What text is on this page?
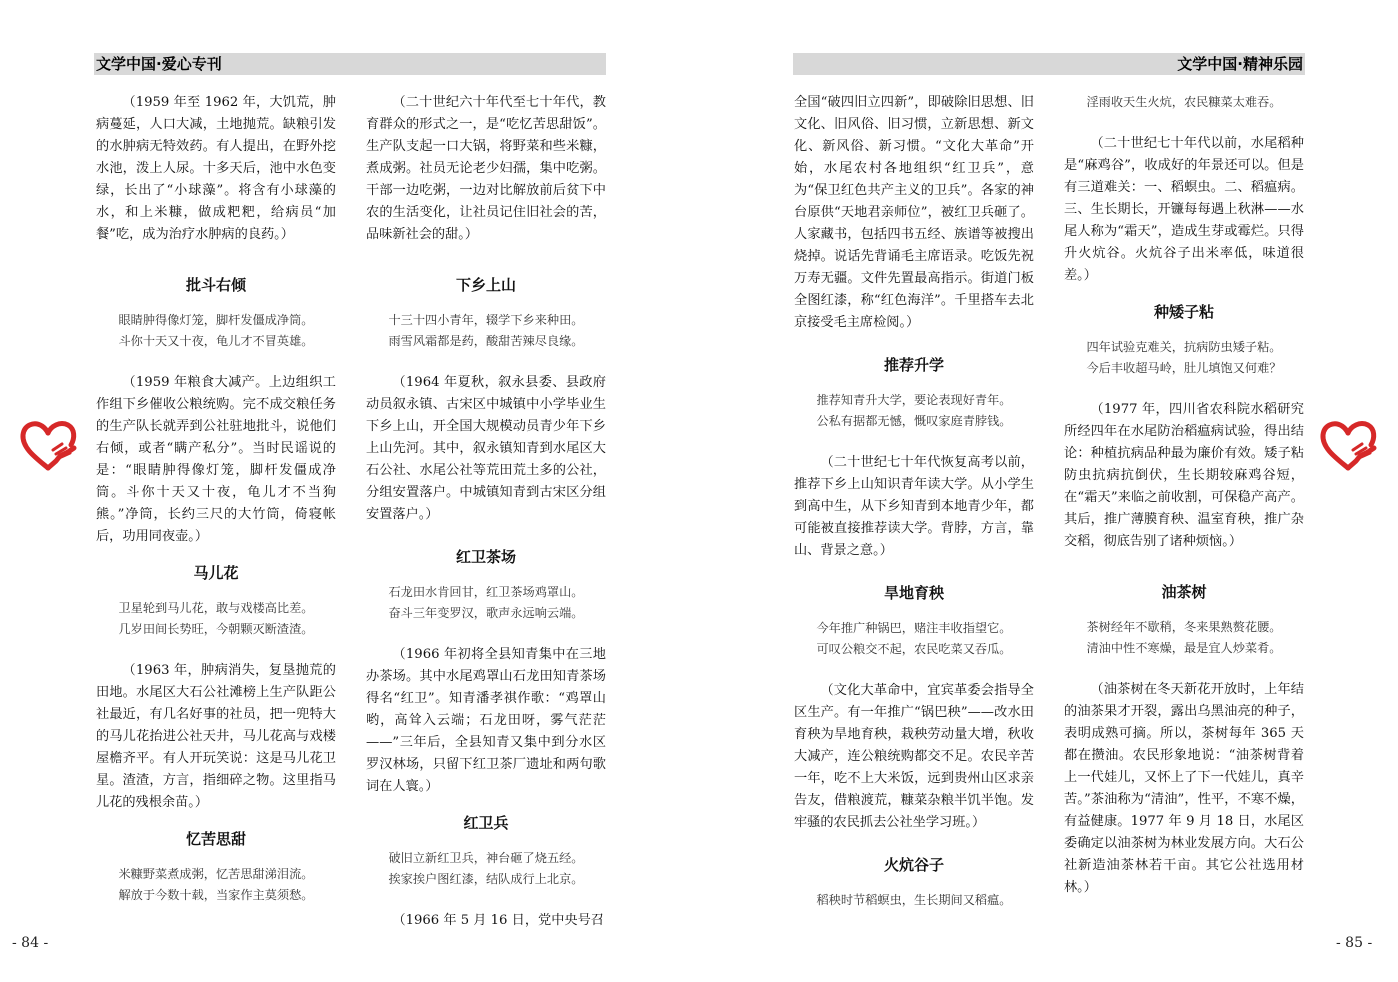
文学中国·爱心专刊	文学中国·精神乐园

（1959 年至 1962 年，大饥荒，肿病蔓延，人口大减，土地抛荒。缺粮引发的水肿病无特效药。有人提出，在野外挖水池，泼上人尿。十多天后，池中水色变绿，长出了“小球藻”。将含有小球藻的水，和上米糠，做成粑粑，给病员“加餐”吃，成为治疗水肿病的良药。）

批斗右倾
眼睛肿得像灯笼，脚杆发僵成净筒。
斗你十天又十夜，龟儿才不冒英雄。

（1959 年粮食大减产。上边组织工作组下乡催收公粮统购。完不成交粮任务的生产队长就弄到公社驻地批斗，说他们右倾，或者“瞒产私分”。当时民谣说的是：“眼睛肿得像灯笼，脚杆发僵成净筒。斗你十天又十夜，龟儿才不当狗熊。”净筒，长约三尺的大竹筒，倚寝帐后，功用同夜壶。）

马儿花
卫星轮到马儿花，敢与戏楼高比差。
几岁田间长势旺，今朝颗灭断渣渣。

（1963 年，肿病消失，复垦抛荒的田地。水尾区大石公社滩榜上生产队距公社最近，有几名好事的社员，把一兜特大的马儿花抬进公社天井，马儿花高与戏楼屋檐齐平。有人开玩笑说：这是马儿花卫星。渣渣，方言，指细碎之物。这里指马儿花的残根余苗。）

忆苦思甜
米糠野菜煮成粥，忆苦思甜涕泪流。
解放于今数十载，当家作主莫须愁。

（二十世纪六十年代至七十年代，教育群众的形式之一，是“吃忆苦思甜饭”。生产队支起一口大锅，将野菜和些米糠，煮成粥。社员无论老少妇孺，集中吃粥。干部一边吃粥，一边对比解放前后贫下中农的生活变化，让社员记住旧社会的苦，品味新社会的甜。）

下乡上山
十三十四小青年，辍学下乡来种田。
雨雪风霜都是药，酸甜苦辣尽良缘。

（1964 年夏秋，叙永县委、县政府动员叙永镇、古宋区中城镇中小学毕业生下乡上山，开全国大规模动员青少年下乡上山先河。其中，叙永镇知青到水尾区大石公社、水尾公社等荒田荒土多的公社，分组安置落户。中城镇知青到古宋区分组安置落户。）

红卫茶场
石龙田水肯回甘，红卫茶场鸡罩山。
奋斗三年变罗汉，歌声永远响云端。

（1966 年初将全县知青集中在三地办茶场。其中水尾鸡罩山石龙田知青茶场得名“红卫”。知青潘孝祺作歌：“鸡罩山哟，高耸入云端；石龙田呀，雾气茫茫——”三年后，全县知青又集中到分水区罗汉林场，只留下红卫茶厂遗址和两句歌词在人寰。）

红卫兵
破旧立新红卫兵，神台砸了烧五经。
挨家挨户图红漆，结队成行上北京。

（1966 年 5 月 16 日，党中央号召

全国“破四旧立四新”，即破除旧思想、旧文化、旧风俗、旧习惯，立新思想、新文化、新风俗、新习惯。“文化大革命”开始，水尾农村各地组织“红卫兵”，意为“保卫红色共产主义的卫兵”。各家的神台原供“天地君亲师位”，被红卫兵砸了。人家藏书，包括四书五经、族谱等被搜出烧掉。说话先背诵毛主席语录。吃饭先祝万寿无疆。文件先置最高指示。街道门板全图红漆，称“红色海洋”。千里搭车去北京接受毛主席检阅。）

推荐升学
推荐知青升大学，要论表现好青年。
公私有据都无憾，慨叹家庭青脖钱。

（二十世纪七十年代恢复高考以前，推荐下乡上山知识青年读大学。从小学生到高中生，从下乡知青到本地青少年，都可能被直接推荐读大学。背脖，方言，靠山、背景之意。）

旱地育秧
今年推广种锅巴，赌注丰收指望它。
可叹公粮交不起，农民吃菜又吞瓜。

（文化大革命中，宜宾革委会指导全区生产。有一年推广“锅巴秧”——改水田育秧为旱地育秧，栽秧劳动量大增，秋收大减产，连公粮统购都交不足。农民辛苦一年，吃不上大米饭，远到贵州山区求亲告友，借粮渡荒，糠菜杂粮半饥半饱。发牢骚的农民抓去公社坐学习班。）

火炕谷子
稻秧时节稻螟虫，生长期间又稻瘟。
淫雨收天生火炕，农民糠菜太难吞。

（二十世纪七十年代以前，水尾稻种是“麻鸡谷”，收成好的年景还可以。但是有三道难关：一、稻螟虫。二、稻瘟病。三、生长期长，开镰每每遇上秋淋——水尾人称为“霜天”，造成生芽或霉烂。只得升火炕谷。火炕谷子出米率低，味道很差。）

种矮子粘
四年试验克难关，抗病防虫矮子粘。
今后丰收超马岭，肚儿填饱又何难？

（1977 年，四川省农科院水稻研究所经四年在水尾防治稻瘟病试验，得出结论：种植抗病品种最为廉价有效。矮子粘防虫抗病抗倒伏，生长期较麻鸡谷短，在“霜天”来临之前收割，可保稳产高产。其后，推广薄膜育秧、温室育秧，推广杂交稻，彻底告别了诸种烦恼。）

油茶树
茶树经年不歇稍，冬来果熟赘花腰。
清油中性不寒燥，最是宜人炒菜肴。

（油茶树在冬天新花开放时，上年结的油茶果才开裂，露出乌黑油亮的种子，表明成熟可摘。所以，茶树每年 365 天都在攒油。农民形象地说：“油茶树背着上一代娃儿，又怀上了下一代娃儿，真辛苦。”茶油称为“清油”，性平，不寒不燥，有益健康。1977 年 9 月 18 日，水尾区委确定以油茶树为林业发展方向。大石公社新造油茶林若干亩。其它公社选用材林。）

- 84 -	- 85 -
